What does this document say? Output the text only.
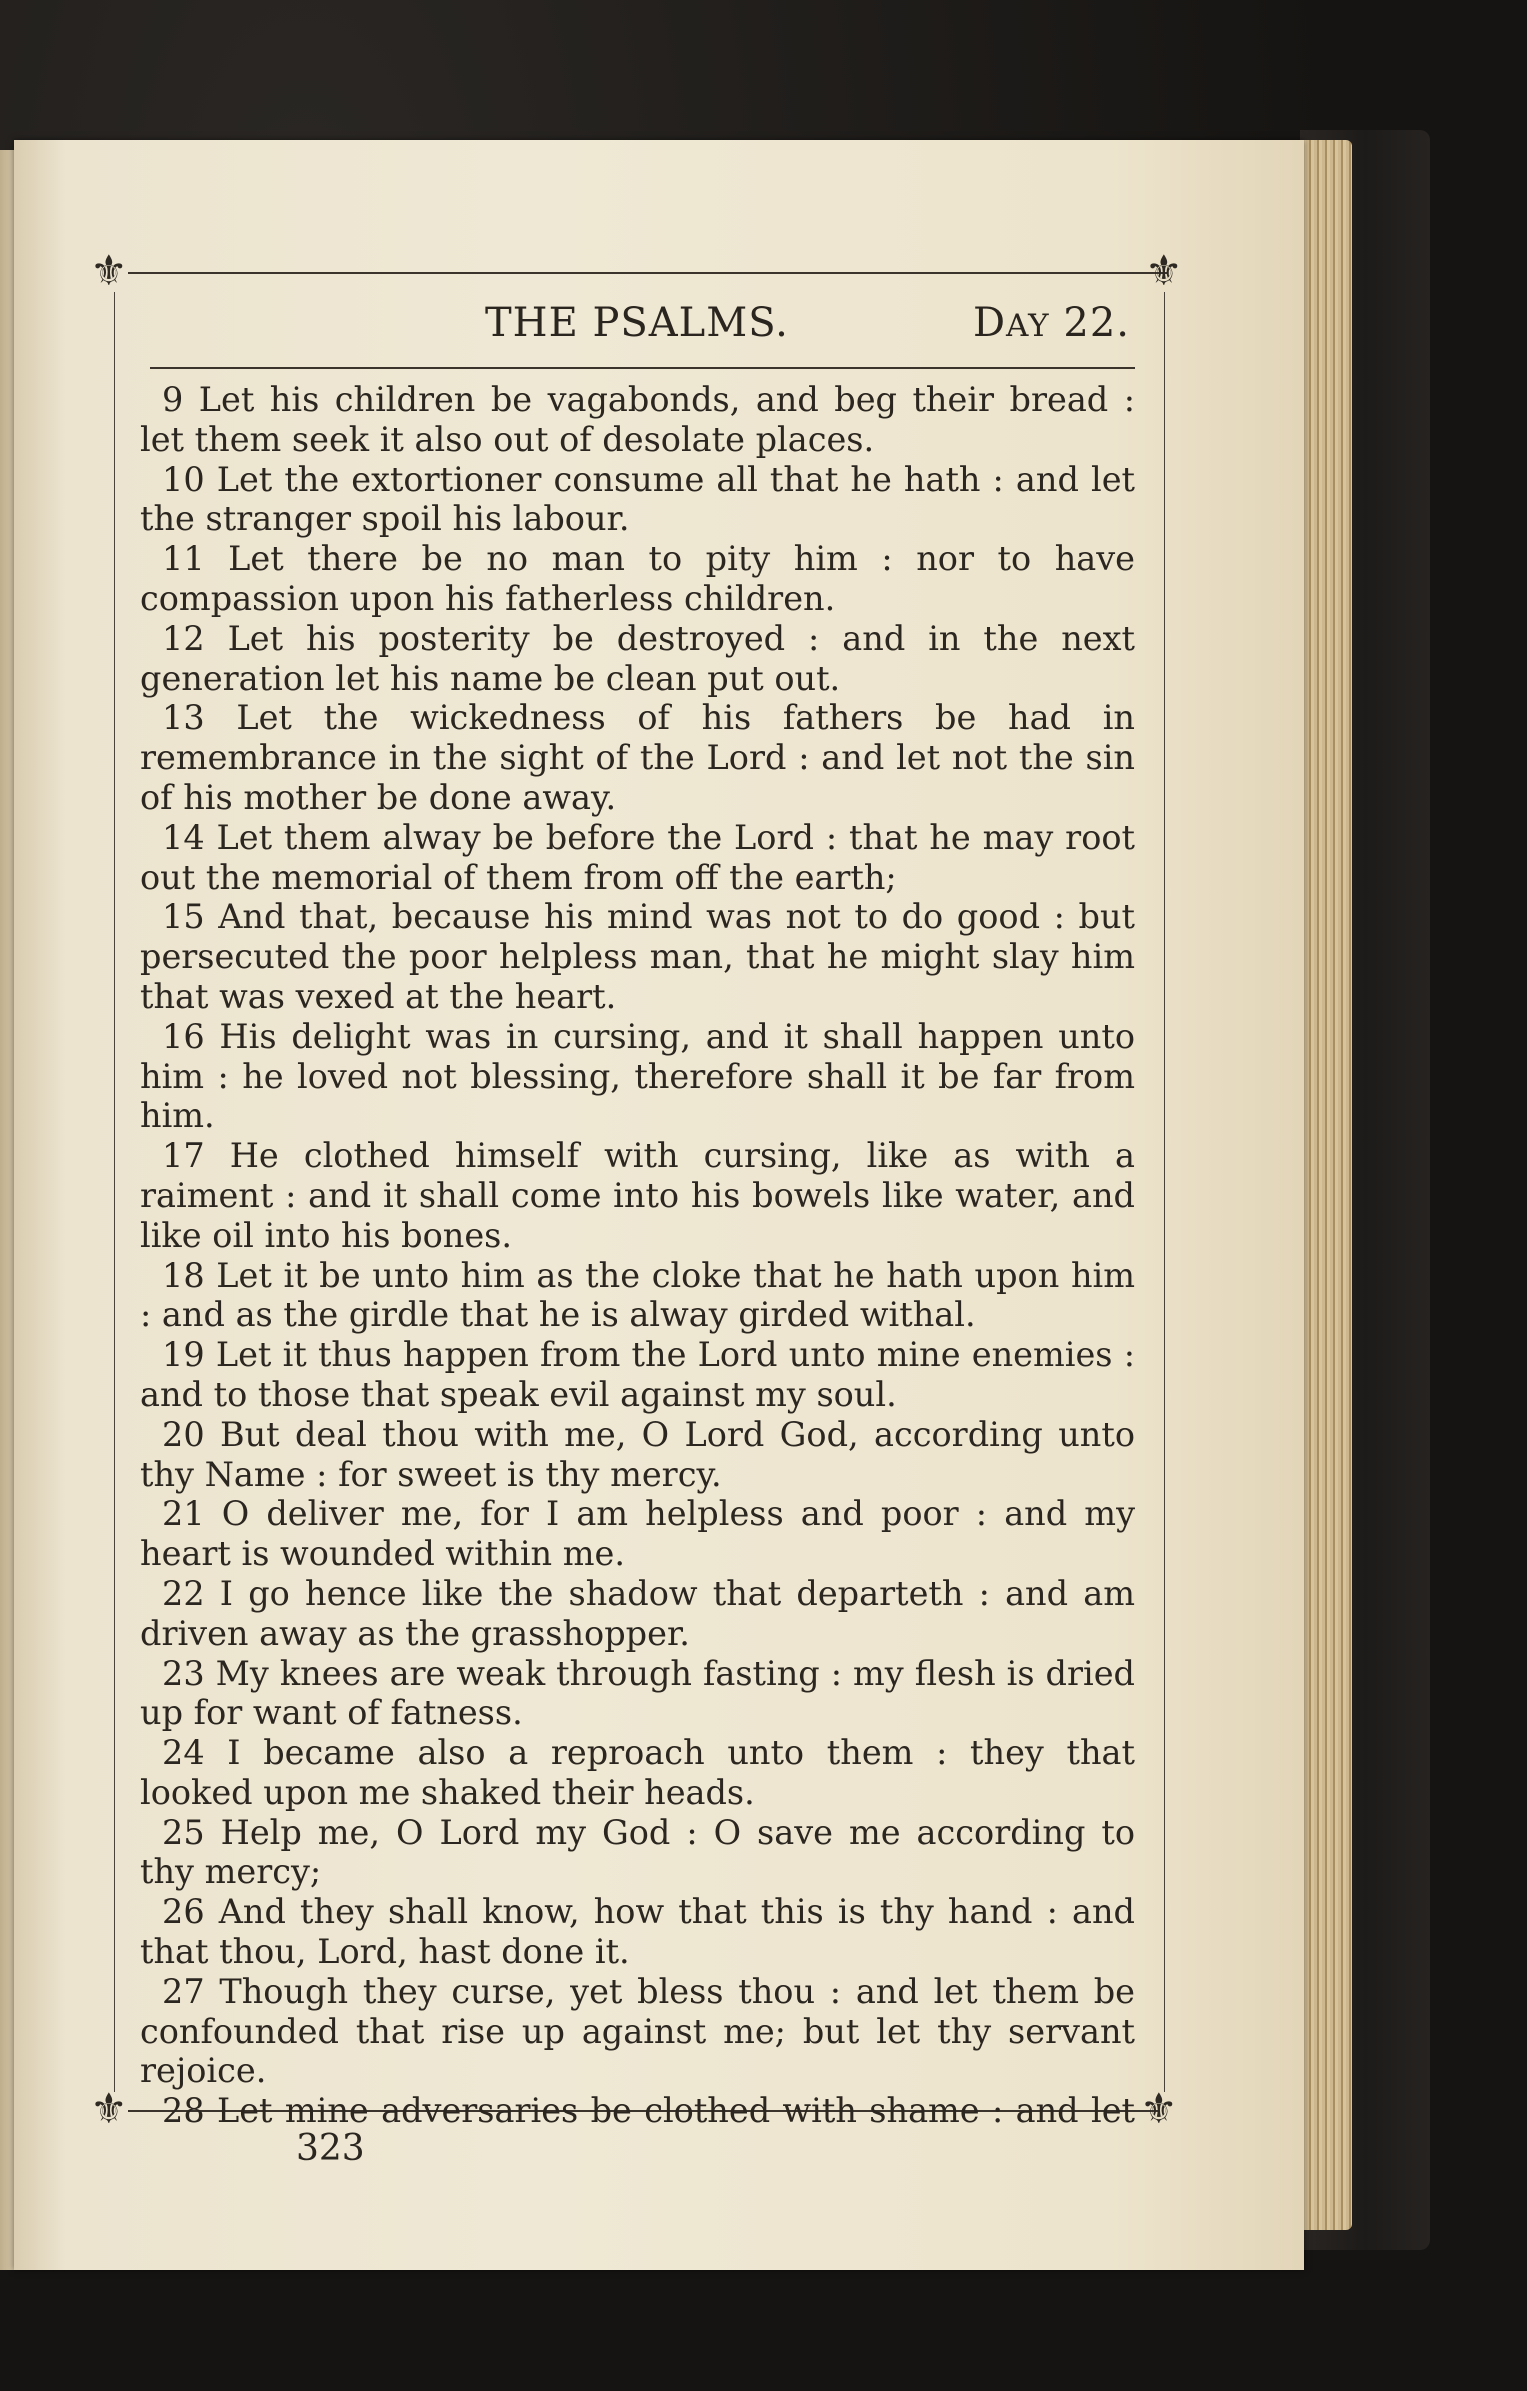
⚜	⚜
⚜	⚜
THE PSALMS.	DAY 22.

9 Let his children be vagabonds, and beg their bread : let them seek it also out of desolate places.

10 Let the extortioner consume all that he hath : and let the stranger spoil his labour.

11 Let there be no man to pity him : nor to have compassion upon his fatherless children.

12 Let his posterity be destroyed : and in the next generation let his name be clean put out.

13 Let the wickedness of his fathers be had in remembrance in the sight of the Lord : and let not the sin of his mother be done away.

14 Let them alway be before the Lord : that he may root out the memorial of them from off the earth;

15 And that, because his mind was not to do good : but persecuted the poor helpless man, that he might slay him that was vexed at the heart.

16 His delight was in cursing, and it shall happen unto him : he loved not blessing, therefore shall it be far from him.

17 He clothed himself with cursing, like as with a raiment : and it shall come into his bowels like water, and like oil into his bones.

18 Let it be unto him as the cloke that he hath upon him : and as the girdle that he is alway girded withal.

19 Let it thus happen from the Lord unto mine enemies : and to those that speak evil against my soul.

20 But deal thou with me, O Lord God, according unto thy Name : for sweet is thy mercy.

21 O deliver me, for I am helpless and poor : and my heart is wounded within me.

22 I go hence like the shadow that departeth : and am driven away as the grasshopper.

23 My knees are weak through fasting : my flesh is dried up for want of fatness.

24 I became also a reproach unto them : they that looked upon me shaked their heads.

25 Help me, O Lord my God : O save me according to thy mercy;

26 And they shall know, how that this is thy hand : and that thou, Lord, hast done it.

27 Though they curse, yet bless thou : and let them be confounded that rise up against me; but let thy servant rejoice.

28 Let mine adversaries be clothed with shame : and let

323
